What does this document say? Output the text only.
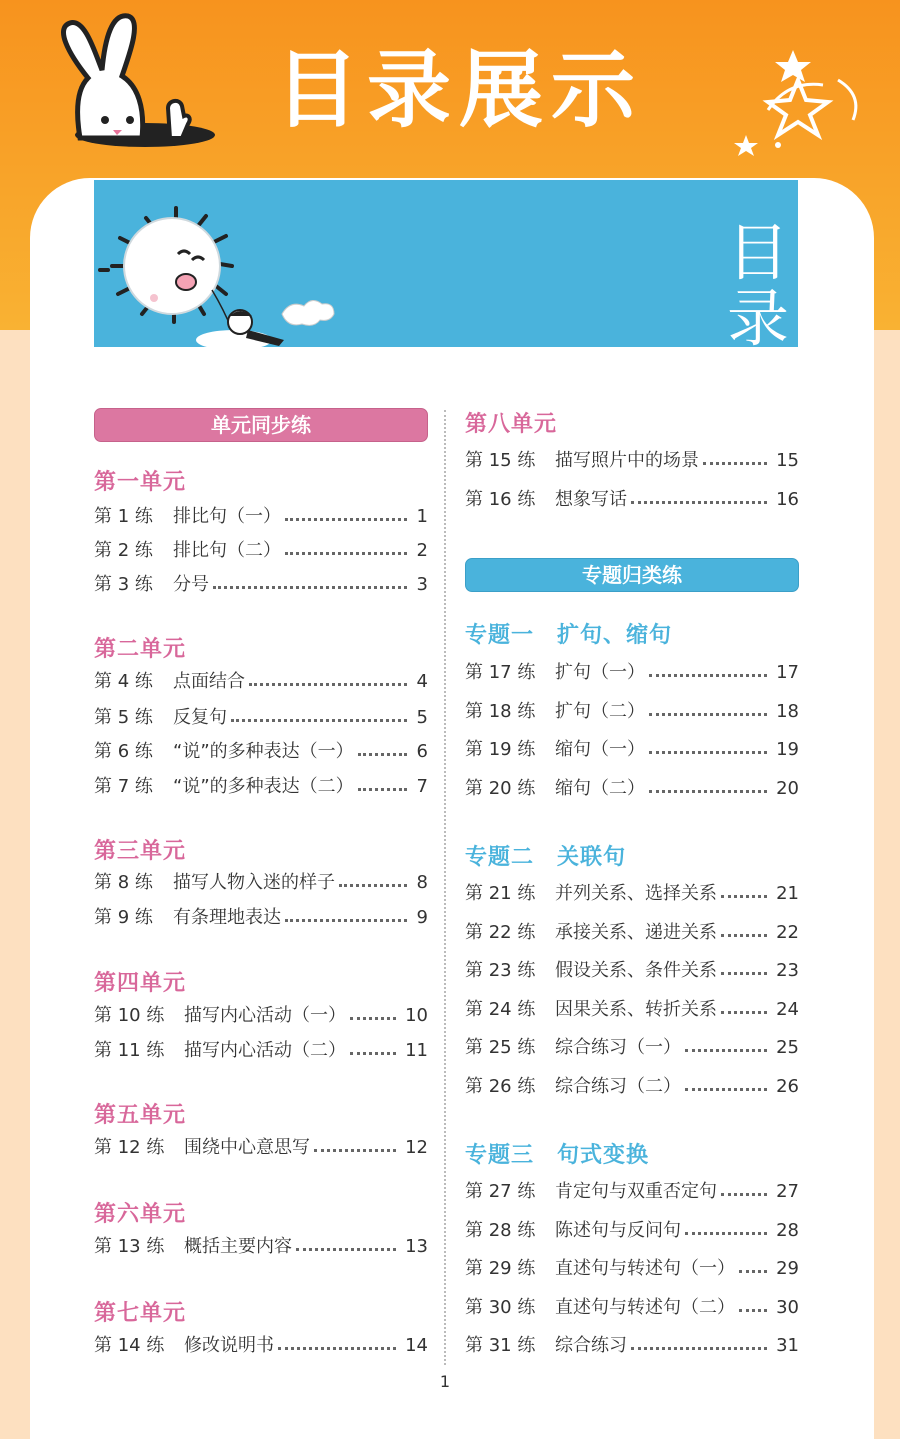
目录展示
目
录
单元同步练
第一单元
第 1 练 排比句（一）	1
第 2 练 排比句（二）	2
第 3 练 分号	3
第二单元
第 4 练 点面结合	4
第 5 练 反复句	5
第 6 练 “说”的多种表达（一）	6
第 7 练 “说”的多种表达（二）	7
第三单元
第 8 练 描写人物入迷的样子	8
第 9 练 有条理地表达	9
第四单元
第 10 练 描写内心活动（一）	10
第 11 练 描写内心活动（二）	11
第五单元
第 12 练 围绕中心意思写	12
第六单元
第 13 练 概括主要内容	13
第七单元
第 14 练 修改说明书	14
第八单元
第 15 练 描写照片中的场景	15
第 16 练 想象写话	16
专题归类练
专题一　扩句、缩句
第 17 练 扩句（一）	17
第 18 练 扩句（二）	18
第 19 练 缩句（一）	19
第 20 练 缩句（二）	20
专题二　关联句
第 21 练 并列关系、选择关系	21
第 22 练 承接关系、递进关系	22
第 23 练 假设关系、条件关系	23
第 24 练 因果关系、转折关系	24
第 25 练 综合练习（一）	25
第 26 练 综合练习（二）	26
专题三　句式变换
第 27 练 肯定句与双重否定句	27
第 28 练 陈述句与反问句	28
第 29 练 直述句与转述句（一）	29
第 30 练 直述句与转述句（二）	30
第 31 练 综合练习	31
1
